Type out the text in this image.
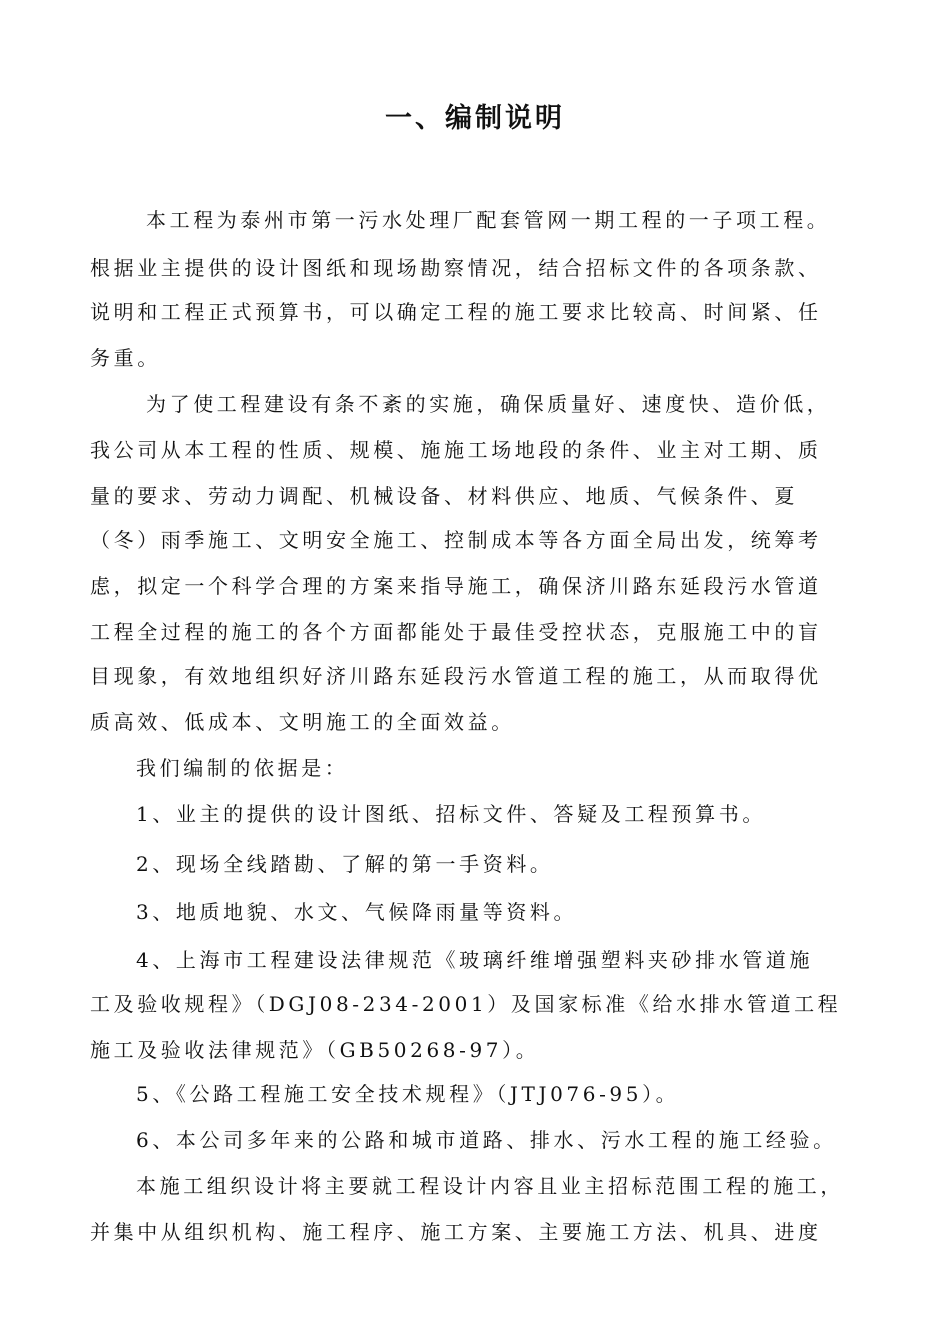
一、编制说明
本工程为泰州市第一污水处理厂配套管网一期工程的一子项工程。
根据业主提供的设计图纸和现场勘察情况，结合招标文件的各项条款、
说明和工程正式预算书，可以确定工程的施工要求比较高、时间紧、任
务重。
为了使工程建设有条不紊的实施，确保质量好、速度快、造价低，
我公司从本工程的性质、规模、施施工场地段的条件、业主对工期、质
量的要求、劳动力调配、机械设备、材料供应、地质、气候条件、夏
（冬）雨季施工、文明安全施工、控制成本等各方面全局出发，统筹考
虑，拟定一个科学合理的方案来指导施工，确保济川路东延段污水管道
工程全过程的施工的各个方面都能处于最佳受控状态，克服施工中的盲
目现象，有效地组织好济川路东延段污水管道工程的施工，从而取得优
质高效、低成本、文明施工的全面效益。
我们编制的依据是：
1、业主的提供的设计图纸、招标文件、答疑及工程预算书。
2、现场全线踏勘、了解的第一手资料。
3、地质地貌、水文、气候降雨量等资料。
4、上海市工程建设法律规范《玻璃纤维增强塑料夹砂排水管道施
工及验收规程》（DGJ08-234-2001）及国家标准《给水排水管道工程
施工及验收法律规范》（GB50268-97）。
5、《公路工程施工安全技术规程》（JTJ076-95）。
6、本公司多年来的公路和城市道路、排水、污水工程的施工经验。
本施工组织设计将主要就工程设计内容且业主招标范围工程的施工，
并集中从组织机构、施工程序、施工方案、主要施工方法、机具、进度
